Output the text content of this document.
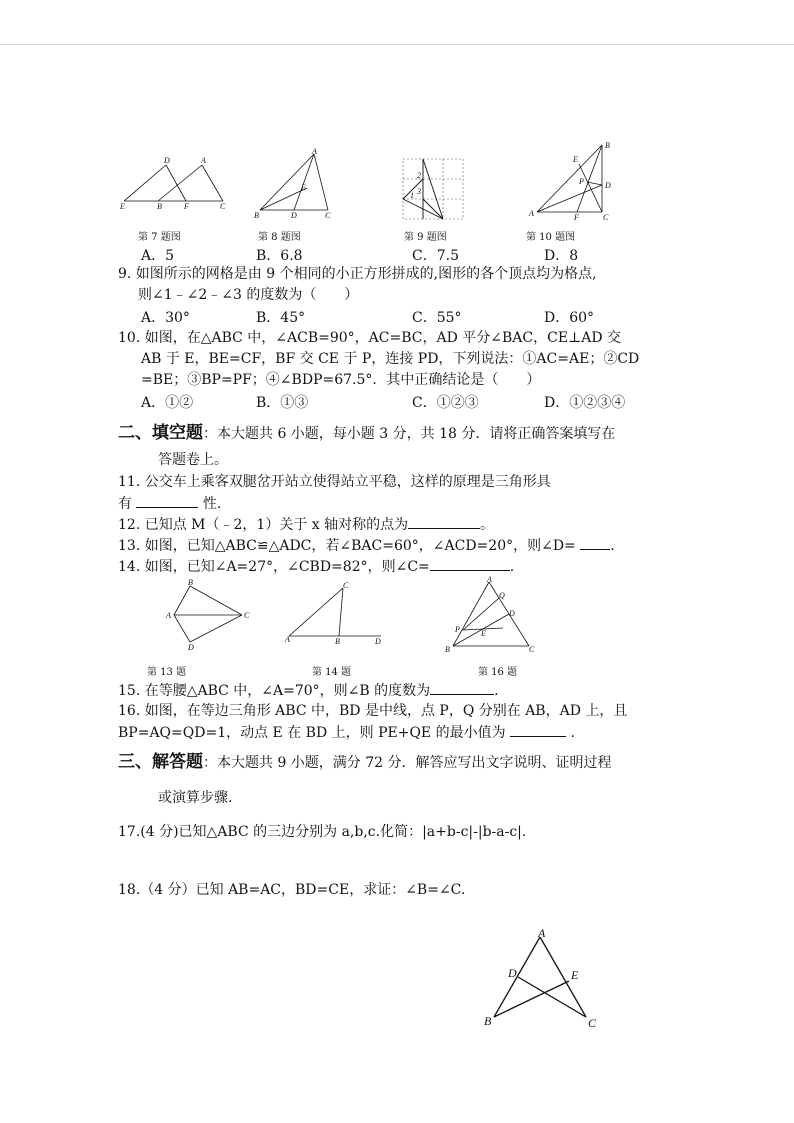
D	A
E	B	F	C
A
E
B	D	C
2
3
1
B
E
P	D
A	F	C
第 7 题图	第 8 题图	第 9 题图	第 10 题图
A．5	B．6.8	C．7.5	D．8
9. 如图所示的网格是由 9 个相同的小正方形拼成的,图形的各个顶点均为格点,
则∠1﹣∠2﹣∠3 的度数为（　　）
A．30°	B．45°	C．55°	D．60°
10. 如图，在△ABC 中，∠ACB=90°，AC=BC，AD 平分∠BAC，CE⊥AD 交
AB 于 E，BE=CF，BF 交 CE 于 P，连接 PD，下列说法：①AC=AE；②CD
=BE；③BP=PF；④∠BDP=67.5°．其中正确结论是（　　）
A．①②	B．①③	C．①②③	D．①②③④
二、填空题：本大题共 6 小题，每小题 3 分，共 18 分．请将正确答案填写在
答题卷上。
11. 公交车上乘客双腿岔开站立使得站立平稳，这样的原理是三角形具
有	性.
12. 已知点 M（﹣2，1）关于 x 轴对称的点为	。
13. 如图，已知△ABC≌△ADC，若∠BAC=60°，∠ACD=20°，则∠D= .
14. 如图，已知∠A=27°，∠CBD=82°，则∠C=	.
B
A	C
D
C
A	B	D
A
Q
D
P	E
B	C
第 13 题	第 14 题	第 16 题
15. 在等腰△ABC 中，∠A=70°，则∠B 的度数为	.
16. 如图，在等边三角形 ABC 中，BD 是中线，点 P，Q 分别在 AB，AD 上，且
BP=AQ=QD=1，动点 E 在 BD 上，则 PE+QE 的最小值为	.
三、解答题：本大题共 9 小题，满分 72 分．解答应写出文字说明、证明过程
或演算步骤.
17.(4 分)已知△ABC 的三边分别为 a,b,c.化简：|a+b-c|-|b-a-c|.
18.（4 分）已知 AB=AC，BD=CE，求证：∠B=∠C.
A
D	E
B	C
